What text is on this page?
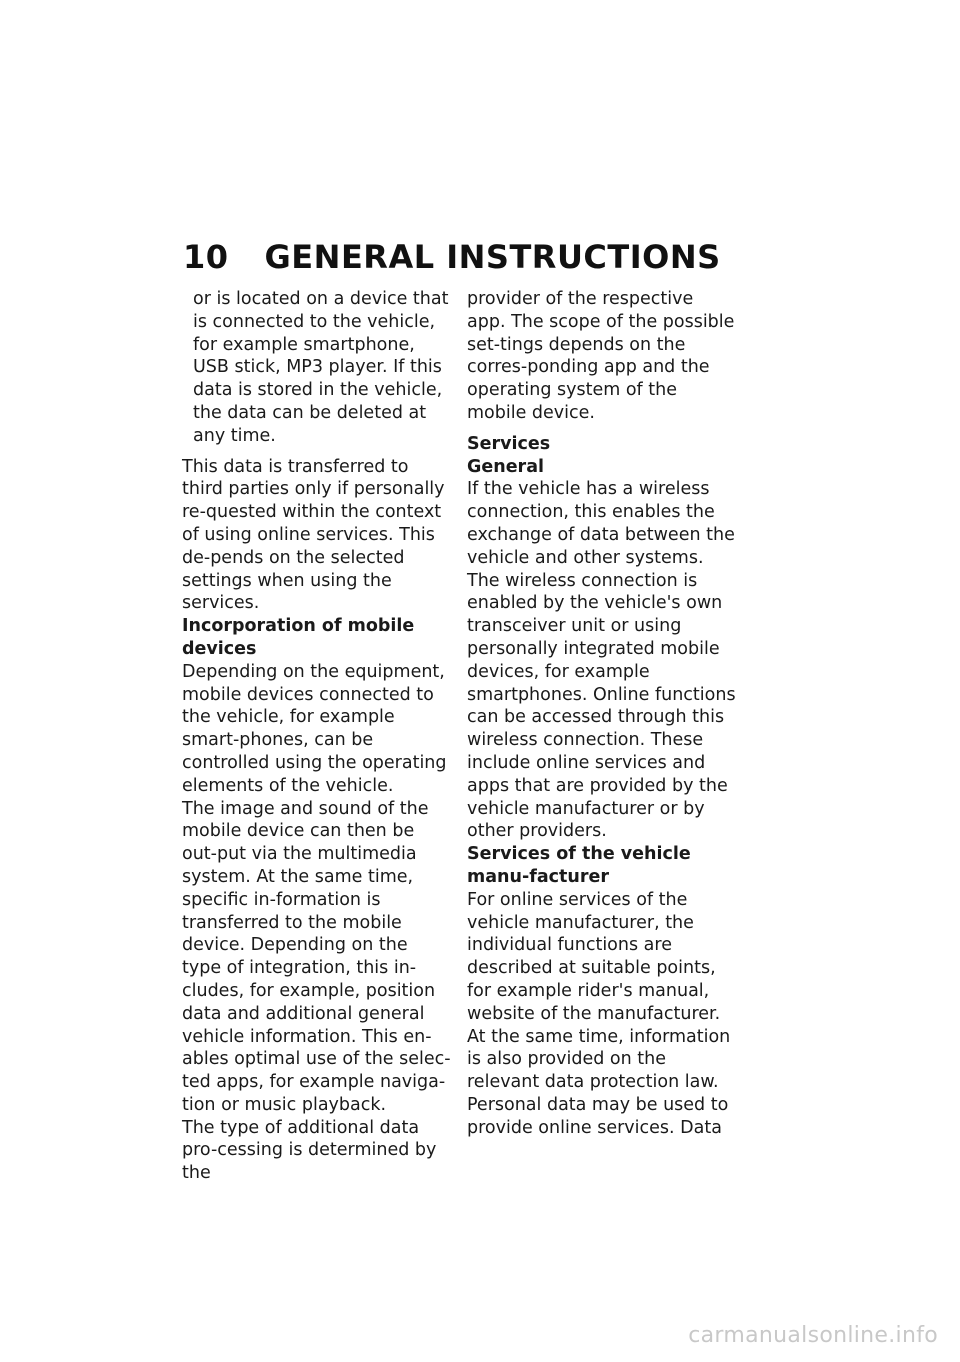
10 GENERAL INSTRUCTIONS

or is located on a device that is connected to the vehicle, for example smartphone, USB stick, MP3 player. If this data is stored in the vehicle, the data can be deleted at any time.

This data is transferred to third parties only if personally re-quested within the context of using online services. This de-pends on the selected settings when using the services.

Incorporation of mobile devices

Depending on the equipment, mobile devices connected to the vehicle, for example smart-phones, can be controlled using the operating elements of the vehicle.

The image and sound of the mobile device can then be out-put via the multimedia system. At the same time, specific in-formation is transferred to the mobile device. Depending on the type of integration, this in-cludes, for example, position data and additional general vehicle information. This en-ables optimal use of the selec-ted apps, for example naviga-tion or music playback.

The type of additional data pro-cessing is determined by the

provider of the respective app. The scope of the possible set-tings depends on the corres-ponding app and the operating system of the mobile device.

Services

General

If the vehicle has a wireless connection, this enables the exchange of data between the vehicle and other systems. The wireless connection is enabled by the vehicle's own transceiver unit or using personally integrated mobile devices, for example smartphones. Online functions can be accessed through this wireless connection. These include online services and apps that are provided by the vehicle manufacturer or by other providers.

Services of the vehicle manu-facturer

For online services of the vehicle manufacturer, the individual functions are described at suitable points, for example rider's manual, website of the manufacturer. At the same time, information is also provided on the relevant data protection law. Personal data may be used to provide online services. Data

carmanualsonline.info
